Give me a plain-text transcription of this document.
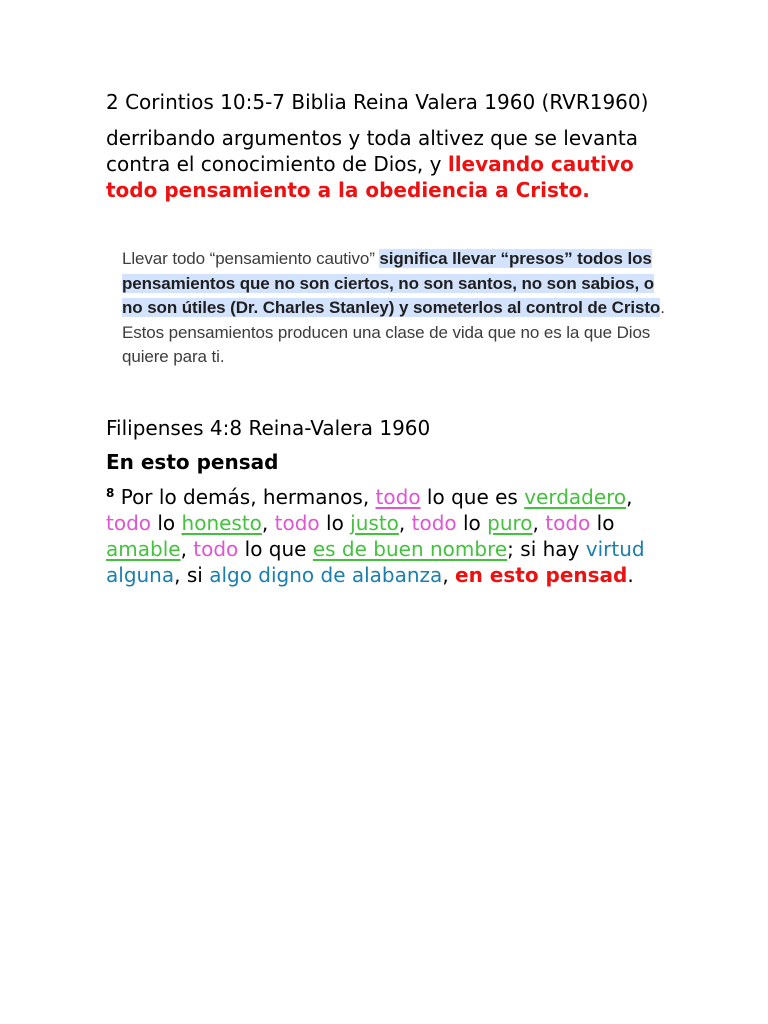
2 Corintios 10:5-7 Biblia Reina Valera 1960 (RVR1960)

derribando argumentos y toda altivez que se levanta contra el conocimiento de Dios, y llevando cautivo todo pensamiento a la obediencia a Cristo.

Llevar todo “pensamiento cautivo” significa llevar “presos” todos los pensamientos que no son ciertos, no son santos, no son sabios, o no son útiles (Dr. Charles Stanley) y someterlos al control de Cristo. Estos pensamientos producen una clase de vida que no es la que Dios quiere para ti.

Filipenses 4:8 Reina-Valera 1960

En esto pensad

$^8$ Por lo demás, hermanos, todo lo que es verdadero,
todo lo honesto, todo lo justo, todo lo puro, todo lo
amable, todo lo que es de buen nombre; si hay virtud alguna, si algo digno de alabanza, en esto pensad.
